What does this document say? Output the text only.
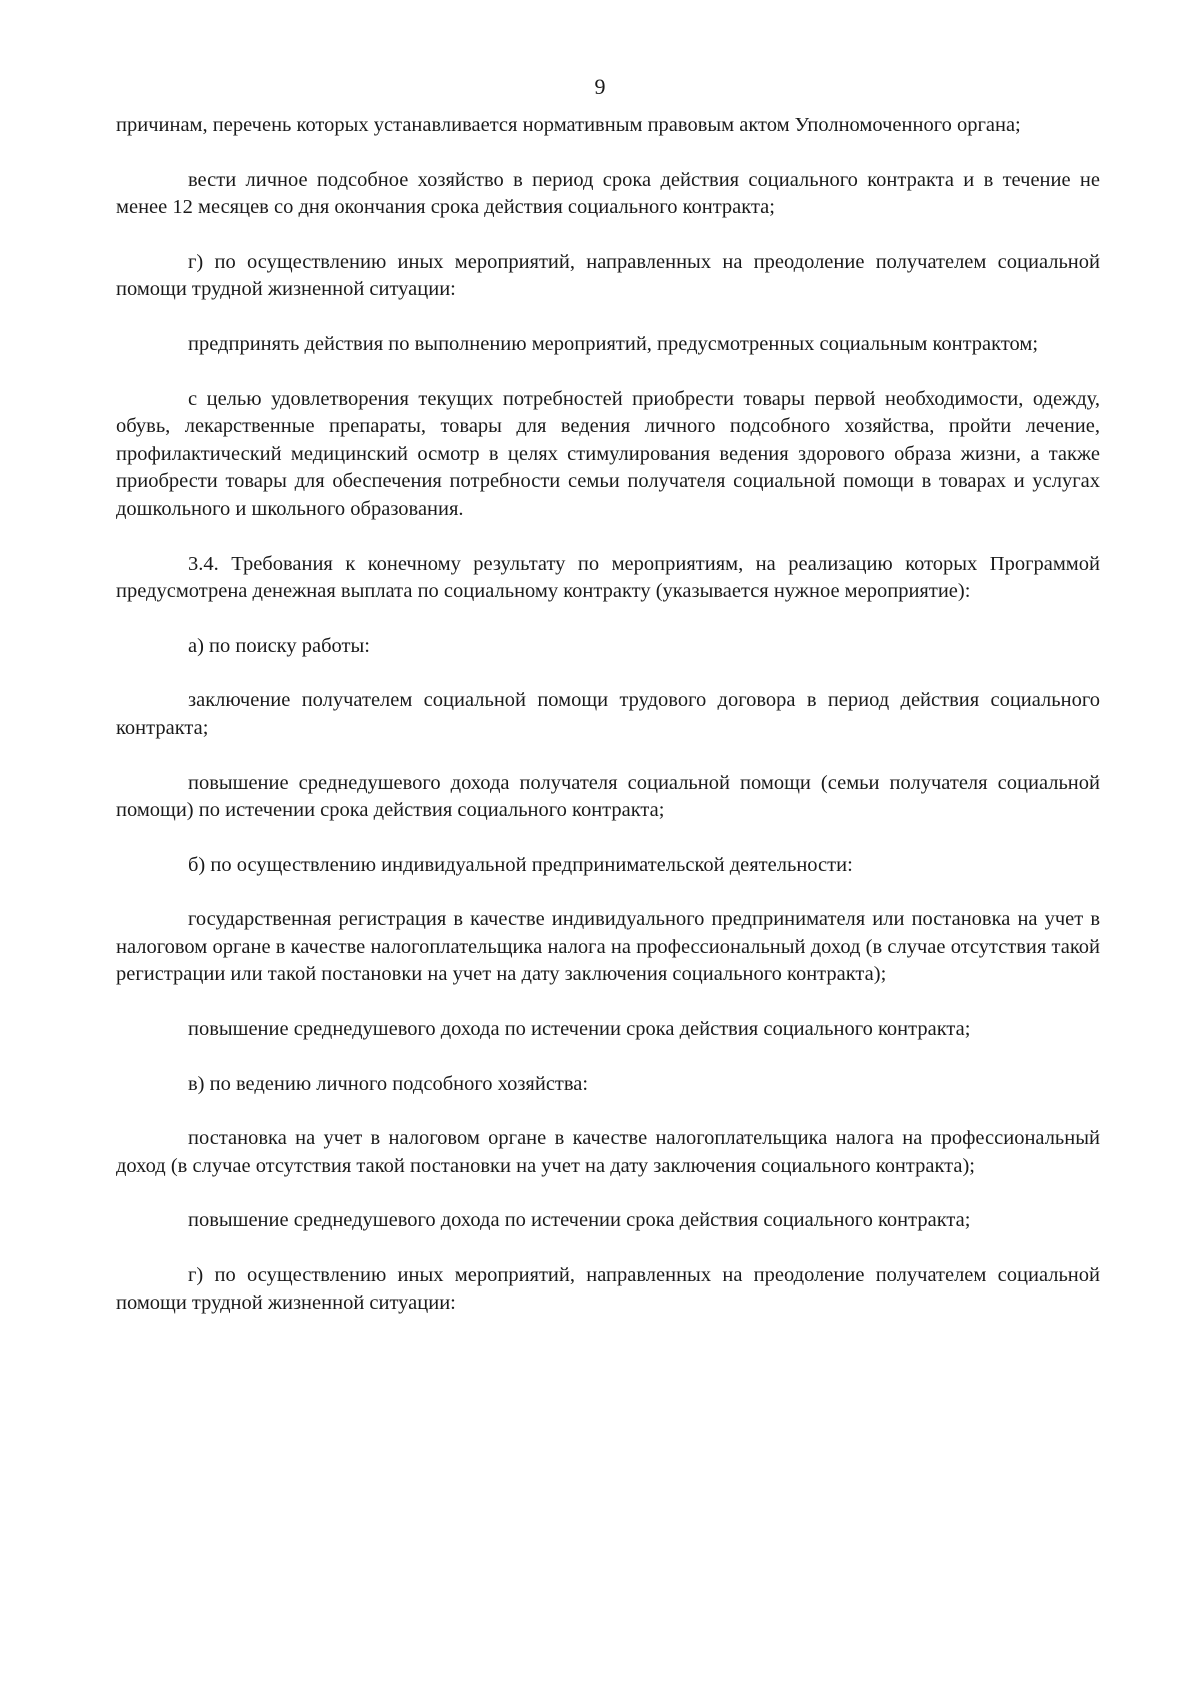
9

причинам, перечень которых устанавливается нормативным правовым актом Уполномоченного органа;

вести личное подсобное хозяйство в период срока действия социального контракта и в течение не менее 12 месяцев со дня окончания срока действия социального контракта;

г) по осуществлению иных мероприятий, направленных на преодоление получателем социальной помощи трудной жизненной ситуации:

предпринять действия по выполнению мероприятий, предусмотренных социальным контрактом;

с целью удовлетворения текущих потребностей приобрести товары первой необходимости, одежду, обувь, лекарственные препараты, товары для ведения личного подсобного хозяйства, пройти лечение, профилактический медицинский осмотр в целях стимулирования ведения здорового образа жизни, а также приобрести товары для обеспечения потребности семьи получателя социальной помощи в товарах и услугах дошкольного и школьного образования.

3.4. Требования к конечному результату по мероприятиям, на реализацию которых Программой предусмотрена денежная выплата по социальному контракту (указывается нужное мероприятие):

а) по поиску работы:

заключение получателем социальной помощи трудового договора в период действия социального контракта;

повышение среднедушевого дохода получателя социальной помощи (семьи получателя социальной помощи) по истечении срока действия социального контракта;

б) по осуществлению индивидуальной предпринимательской деятельности:

государственная регистрация в качестве индивидуального предпринимателя или постановка на учет в налоговом органе в качестве налогоплательщика налога на профессиональный доход (в случае отсутствия такой регистрации или такой постановки на учет на дату заключения социального контракта);

повышение среднедушевого дохода по истечении срока действия социального контракта;

в) по ведению личного подсобного хозяйства:

постановка на учет в налоговом органе в качестве налогоплательщика налога на профессиональный доход (в случае отсутствия такой постановки на учет на дату заключения социального контракта);

повышение среднедушевого дохода по истечении срока действия социального контракта;

г) по осуществлению иных мероприятий, направленных на преодоление получателем социальной помощи трудной жизненной ситуации:
